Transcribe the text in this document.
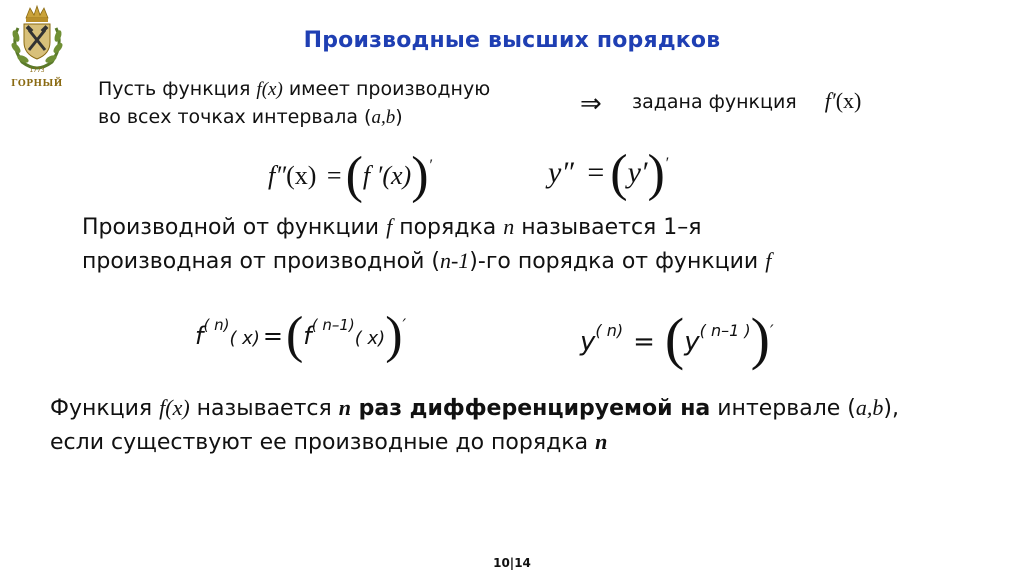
1773
ГОРНЫЙ
Производные высших порядков
Пусть функция f(x) имеет производную
во всех точках интервала (a,b)	⇒ задана функция f′(x)
f″(x) =(f ′(x))′	y″ = (y′)′
Производной от функции f порядка n называется 1–я
производная от производной (n-1)-го порядка от функции f
$f^{( n)}$( $x) =(f^{( n-1)}$( x))′
$y^{( n)} = (y^{( n-1 )})'$
Функция f(x) называется n раз дифференцируемой на интервале (a,b),
если существуют ее производные до порядка n
10|14
